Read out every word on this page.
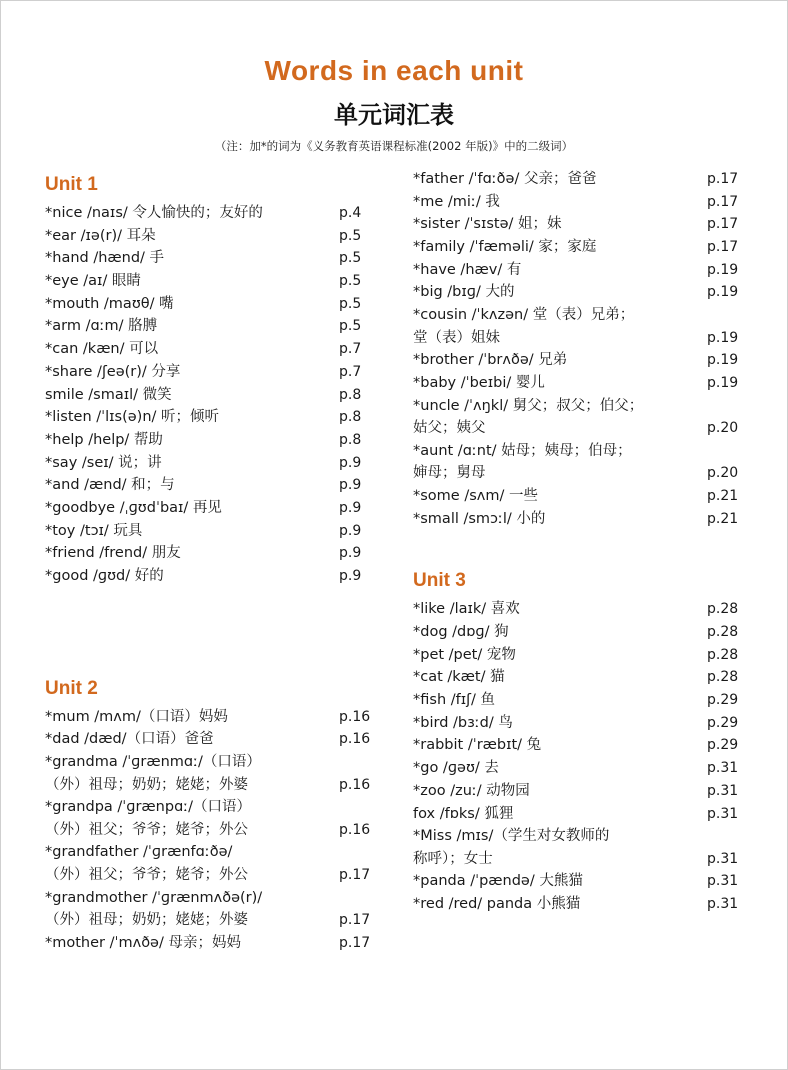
Words in each unit
单元词汇表
（注：加*的词为《义务教育英语课程标准(2002 年版)》中的二级词）
Unit 1
*nice /naɪs/ 令人愉快的；友好的	p.4
*ear /ɪə(r)/ 耳朵	p.5
*hand /hænd/ 手	p.5
*eye /aɪ/ 眼睛	p.5
*mouth /maʊθ/ 嘴	p.5
*arm /ɑːm/ 胳膊	p.5
*can /kæn/ 可以	p.7
*share /ʃeə(r)/ 分享	p.7
smile /smaɪl/ 微笑	p.8
*listen /ˈlɪs(ə)n/ 听；倾听	p.8
*help /help/ 帮助	p.8
*say /seɪ/ 说；讲	p.9
*and /ænd/ 和；与	p.9
*goodbye /ˌɡʊdˈbaɪ/ 再见	p.9
*toy /tɔɪ/ 玩具	p.9
*friend /frend/ 朋友	p.9
*good /ɡʊd/ 好的	p.9
Unit 2
*mum /mʌm/（口语）妈妈	p.16
*dad /dæd/（口语）爸爸	p.16
*grandma /ˈɡrænmɑː/（口语）
（外）祖母；奶奶；姥姥；外婆	p.16
*grandpa /ˈɡrænpɑː/（口语）
（外）祖父；爷爷；姥爷；外公	p.16
*grandfather /ˈɡrænfɑːðə/
（外）祖父；爷爷；姥爷；外公	p.17
*grandmother /ˈɡrænmʌðə(r)/
（外）祖母；奶奶；姥姥；外婆	p.17
*mother /ˈmʌðə/ 母亲；妈妈	p.17
*father /ˈfɑːðə/ 父亲；爸爸	p.17
*me /miː/ 我	p.17
*sister /ˈsɪstə/ 姐；妹	p.17
*family /ˈfæməli/ 家；家庭	p.17
*have /hæv/ 有	p.19
*big /bɪɡ/ 大的	p.19
*cousin /ˈkʌzən/ 堂（表）兄弟；
堂（表）姐妹	p.19
*brother /ˈbrʌðə/ 兄弟	p.19
*baby /ˈbeɪbi/ 婴儿	p.19
*uncle /ˈʌŋkl/ 舅父；叔父；伯父；
姑父；姨父	p.20
*aunt /ɑːnt/ 姑母；姨母；伯母；
婶母；舅母	p.20
*some /sʌm/ 一些	p.21
*small /smɔːl/ 小的	p.21
Unit 3
*like /laɪk/ 喜欢	p.28
*dog /dɒɡ/ 狗	p.28
*pet /pet/ 宠物	p.28
*cat /kæt/ 猫	p.28
*fish /fɪʃ/ 鱼	p.29
*bird /bɜːd/ 鸟	p.29
*rabbit /ˈræbɪt/ 兔	p.29
*go /ɡəʊ/ 去	p.31
*zoo /zuː/ 动物园	p.31
fox /fɒks/ 狐狸	p.31
*Miss /mɪs/（学生对女教师的
称呼）；女士	p.31
*panda /ˈpændə/ 大熊猫	p.31
*red /red/ panda 小熊猫	p.31
